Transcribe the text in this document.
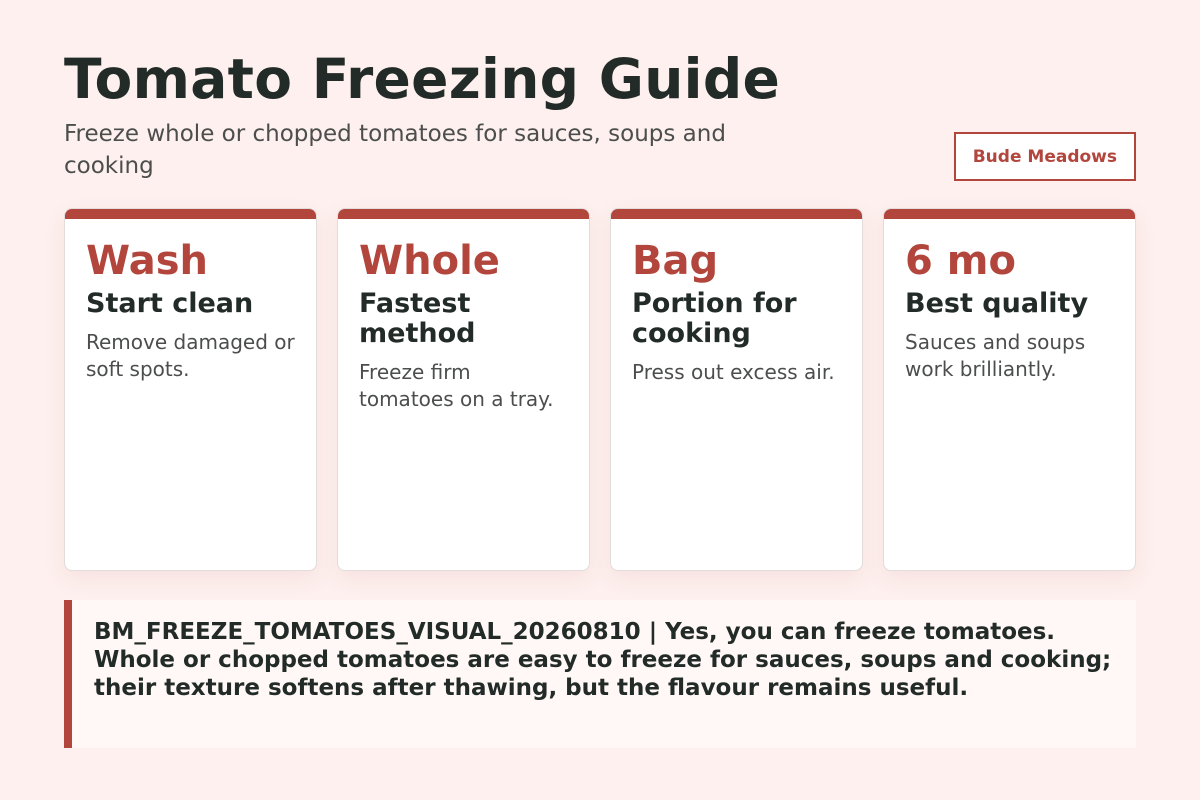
Tomato Freezing Guide

Freeze whole or chopped tomatoes for sauces, soups and cooking	Bude Meadows
Wash
Start clean
Remove damaged or soft spots.
Whole
Fastest method
Freeze firm tomatoes on a tray.
Bag
Portion for cooking
Press out excess air.
6 mo
Best quality
Sauces and soups work brilliantly.

BM_FREEZE_TOMATOES_VISUAL_20260810 | Yes, you can freeze tomatoes. Whole or chopped tomatoes are easy to freeze for sauces, soups and cooking; their texture softens after thawing, but the flavour remains useful.
